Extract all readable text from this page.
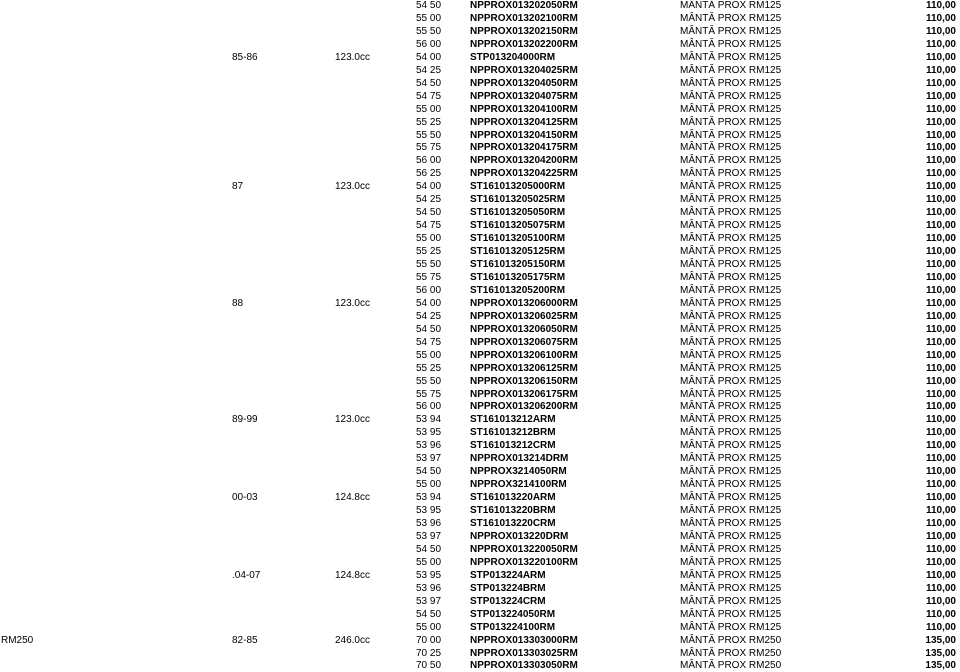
54 50	NPPROX013202050RM	MÂNTĂ PROX RM125	110,00
55 00	NPPROX013202100RM	MÂNTĂ PROX RM125	110,00
55 50	NPPROX013202150RM	MÂNTĂ PROX RM125	110,00
56 00	NPPROX013202200RM	MÂNTĂ PROX RM125	110,00
85-86	123.0cc	54 00	STP013204000RM	MÂNTĂ PROX RM125	110,00
54 25	NPPROX013204025RM	MÂNTĂ PROX RM125	110,00
54 50	NPPROX013204050RM	MÂNTĂ PROX RM125	110,00
54 75	NPPROX013204075RM	MÂNTĂ PROX RM125	110,00
55 00	NPPROX013204100RM	MÂNTĂ PROX RM125	110,00
55 25	NPPROX013204125RM	MÂNTĂ PROX RM125	110,00
55 50	NPPROX013204150RM	MÂNTĂ PROX RM125	110,00
55 75	NPPROX013204175RM	MÂNTĂ PROX RM125	110,00
56 00	NPPROX013204200RM	MÂNTĂ PROX RM125	110,00
56 25	NPPROX013204225RM	MÂNTĂ PROX RM125	110,00
87	123.0cc	54 00	ST161013205000RM	MÂNTĂ PROX RM125	110,00
54 25	ST161013205025RM	MÂNTĂ PROX RM125	110,00
54 50	ST161013205050RM	MÂNTĂ PROX RM125	110,00
54 75	ST161013205075RM	MÂNTĂ PROX RM125	110,00
55 00	ST161013205100RM	MÂNTĂ PROX RM125	110,00
55 25	ST161013205125RM	MÂNTĂ PROX RM125	110,00
55 50	ST161013205150RM	MÂNTĂ PROX RM125	110,00
55 75	ST161013205175RM	MÂNTĂ PROX RM125	110,00
56 00	ST161013205200RM	MÂNTĂ PROX RM125	110,00
88	123.0cc	54 00	NPPROX013206000RM	MÂNTĂ PROX RM125	110,00
54 25	NPPROX013206025RM	MÂNTĂ PROX RM125	110,00
54 50	NPPROX013206050RM	MÂNTĂ PROX RM125	110,00
54 75	NPPROX013206075RM	MÂNTĂ PROX RM125	110,00
55 00	NPPROX013206100RM	MÂNTĂ PROX RM125	110,00
55 25	NPPROX013206125RM	MÂNTĂ PROX RM125	110,00
55 50	NPPROX013206150RM	MÂNTĂ PROX RM125	110,00
55 75	NPPROX013206175RM	MÂNTĂ PROX RM125	110,00
56 00	NPPROX013206200RM	MÂNTĂ PROX RM125	110,00
89-99	123.0cc	53 94	ST161013212ARM	MÂNTĂ PROX RM125	110,00
53 95	ST161013212BRM	MÂNTĂ PROX RM125	110,00
53 96	ST161013212CRM	MÂNTĂ PROX RM125	110,00
53 97	NPPROX013214DRM	MÂNTĂ PROX RM125	110,00
54 50	NPPROX3214050RM	MÂNTĂ PROX RM125	110,00
55 00	NPPROX3214100RM	MÂNTĂ PROX RM125	110,00
00-03	124.8cc	53 94	ST161013220ARM	MÂNTĂ PROX RM125	110,00
53 95	ST161013220BRM	MÂNTĂ PROX RM125	110,00
53 96	ST161013220CRM	MÂNTĂ PROX RM125	110,00
53 97	NPPROX013220DRM	MÂNTĂ PROX RM125	110,00
54 50	NPPROX013220050RM	MÂNTĂ PROX RM125	110,00
55 00	NPPROX013220100RM	MÂNTĂ PROX RM125	110,00
.04-07	124.8cc	53 95	STP013224ARM	MÂNTĂ PROX RM125	110,00
53 96	STP013224BRM	MÂNTĂ PROX RM125	110,00
53 97	STP013224CRM	MÂNTĂ PROX RM125	110,00
54 50	STP013224050RM	MÂNTĂ PROX RM125	110,00
55 00	STP013224100RM	MÂNTĂ PROX RM125	110,00
RM250	82-85	246.0cc	70 00	NPPROX013303000RM	MÂNTĂ PROX RM250	135,00
70 25	NPPROX013303025RM	MÂNTĂ PROX RM250	135,00
70 50	NPPROX013303050RM	MÂNTĂ PROX RM250	135,00
